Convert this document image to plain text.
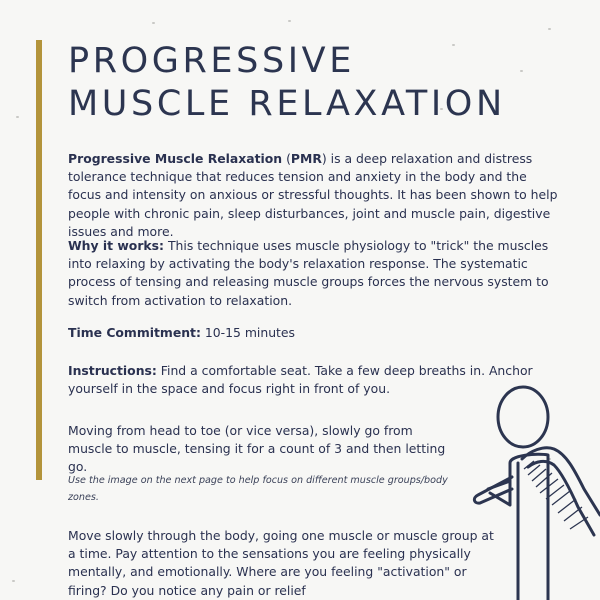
PROGRESSIVE
MUSCLE RELAXATION

Progressive Muscle Relaxation (PMR) is a deep relaxation and distress tolerance technique that reduces tension and anxiety in the body and the focus and intensity on anxious or stressful thoughts. It has been shown to help people with chronic pain, sleep disturbances, joint and muscle pain, digestive issues and more.

Why it works: This technique uses muscle physiology to "trick" the muscles into relaxing by activating the body's relaxation response. The systematic process of tensing and releasing muscle groups forces the nervous system to switch from activation to relaxation.

Time Commitment: 10-15 minutes

Instructions: Find a comfortable seat. Take a few deep breaths in. Anchor yourself in the space and focus right in front of you.

Moving from head to toe (or vice versa), slowly go from muscle to muscle, tensing it for a count of 3 and then letting go.

Use the image on the next page to help focus on different muscle groups/body zones.

Move slowly through the body, going one muscle or muscle group at a time. Pay attention to the sensations you are feeling physically mentally, and emotionally. Where are you feeling "activation" or firing? Do you notice any pain or relief
